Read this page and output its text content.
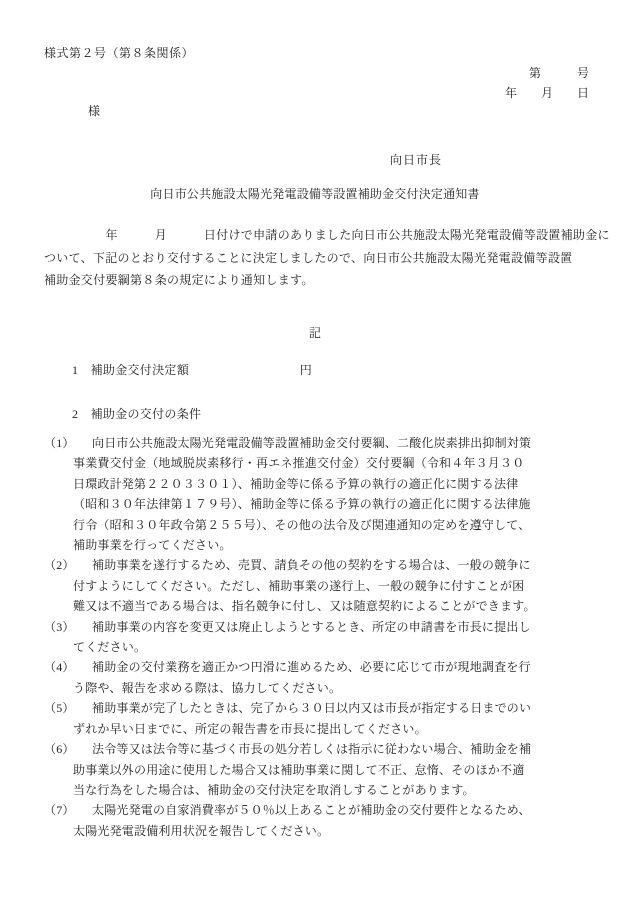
様式第２号（第８条関係）
第　　　号
年　　月　　日
様
向日市長
向日市公共施設太陽光発電設備等設置補助金交付決定通知書
　　　　　年　　　月　　　日付けで申請のありました向日市公共施設太陽光発電設備等設置補助金に
ついて、下記のとおり交付することに決定しましたので、向日市公共施設太陽光発電設備等設置
補助金交付要綱第８条の規定により通知します。
記
1　補助金交付決定額　　　　　　　　　円
2　補助金の交付の条件
（1） 向日市公共施設太陽光発電設備等設置補助金交付要綱、二酸化炭素排出抑制対策
事業費交付金（地域脱炭素移行・再エネ推進交付金）交付要綱（令和４年３月３０
日環政計発第２２０３３０１）、補助金等に係る予算の執行の適正化に関する法律
（昭和３０年法律第１７９号）、補助金等に係る予算の執行の適正化に関する法律施
行令（昭和３０年政令第２５５号）、その他の法令及び関連通知の定めを遵守して、
補助事業を行ってください。
（2） 補助事業を遂行するため、売買、請負その他の契約をする場合は、一般の競争に
付すようにしてください。ただし、補助事業の遂行上、一般の競争に付すことが困
難又は不適当である場合は、指名競争に付し、又は随意契約によることができます。
（3） 補助事業の内容を変更又は廃止しようとするとき、所定の申請書を市長に提出し
てください。
（4） 補助金の交付業務を適正かつ円滑に進めるため、必要に応じて市が現地調査を行
う際や、報告を求める際は、協力してください。
（5） 補助事業が完了したときは、完了から３０日以内又は市長が指定する日までのい
ずれか早い日までに、所定の報告書を市長に提出してください。
（6） 法令等又は法令等に基づく市長の処分若しくは指示に従わない場合、補助金を補
助事業以外の用途に使用した場合又は補助事業に関して不正、怠惰、そのほか不適
当な行為をした場合は、補助金の交付決定を取消しすることがあります。
（7） 太陽光発電の自家消費率が５０％以上あることが補助金の交付要件となるため、
太陽光発電設備利用状況を報告してください。
